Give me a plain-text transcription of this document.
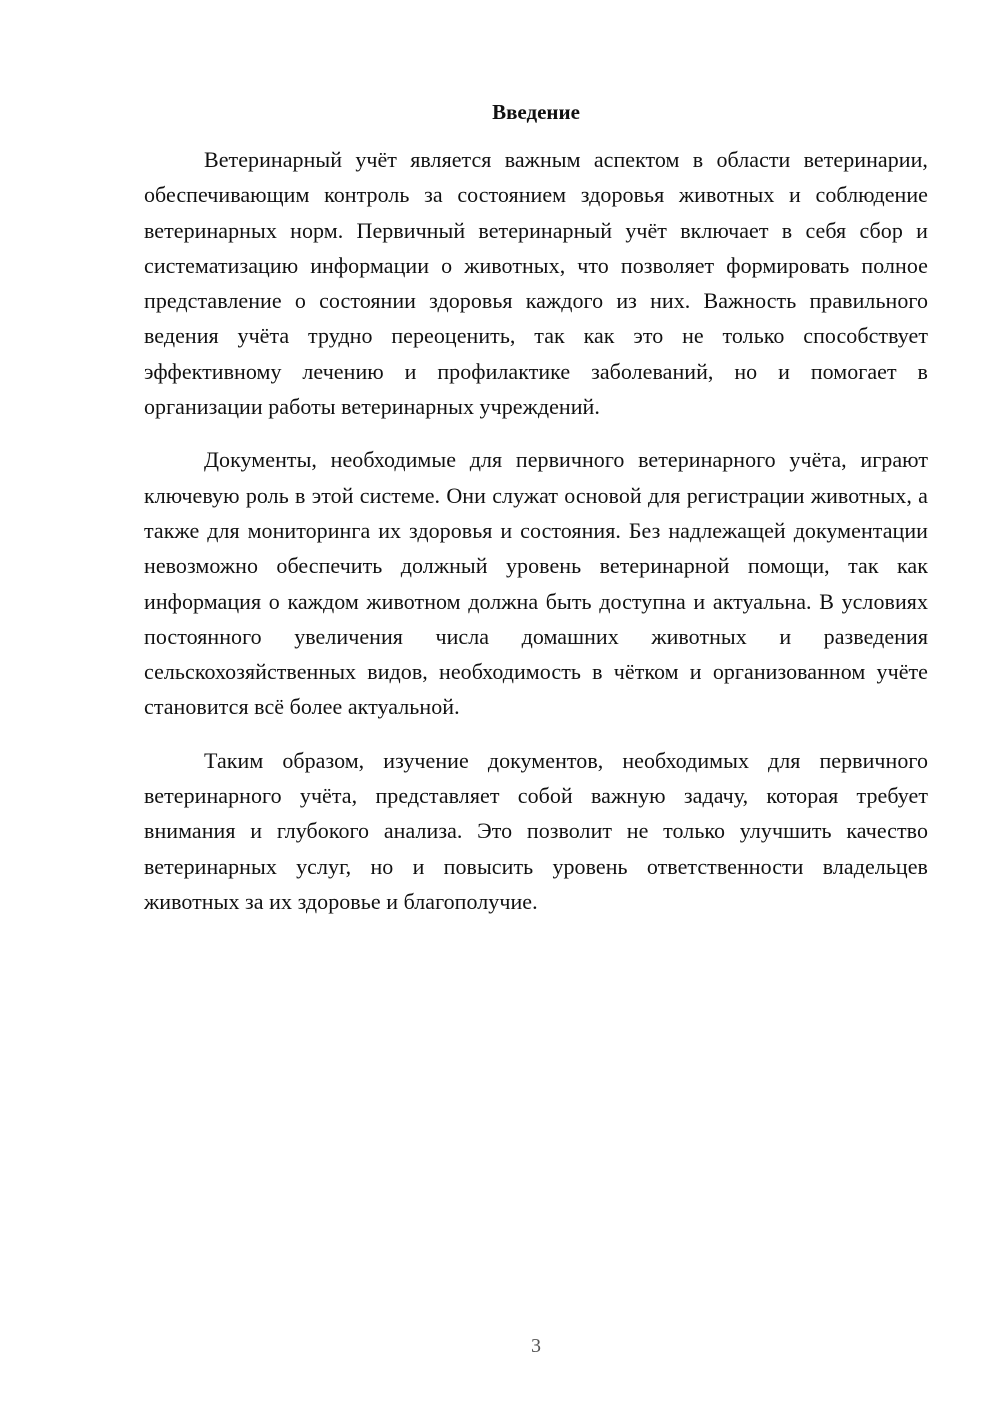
Введение

Ветеринарный учёт является важным аспектом в области ветеринарии, обеспечивающим контроль за состоянием здоровья животных и соблюдение ветеринарных норм. Первичный ветеринарный учёт включает в себя сбор и систематизацию информации о животных, что позволяет формировать полное представление о состоянии здоровья каждого из них. Важность правильного ведения учёта трудно переоценить, так как это не только способствует эффективному лечению и профилактике заболеваний, но и помогает в организации работы ветеринарных учреждений.

Документы, необходимые для первичного ветеринарного учёта, играют ключевую роль в этой системе. Они служат основой для регистрации животных, а также для мониторинга их здоровья и состояния. Без надлежащей документации невозможно обеспечить должный уровень ветеринарной помощи, так как информация о каждом животном должна быть доступна и актуальна. В условиях постоянного увеличения числа домашних животных и разведения сельскохозяйственных видов, необходимость в чётком и организованном учёте становится всё более актуальной.

Таким образом, изучение документов, необходимых для первичного ветеринарного учёта, представляет собой важную задачу, которая требует внимания и глубокого анализа. Это позволит не только улучшить качество ветеринарных услуг, но и повысить уровень ответственности владельцев животных за их здоровье и благополучие.

3
